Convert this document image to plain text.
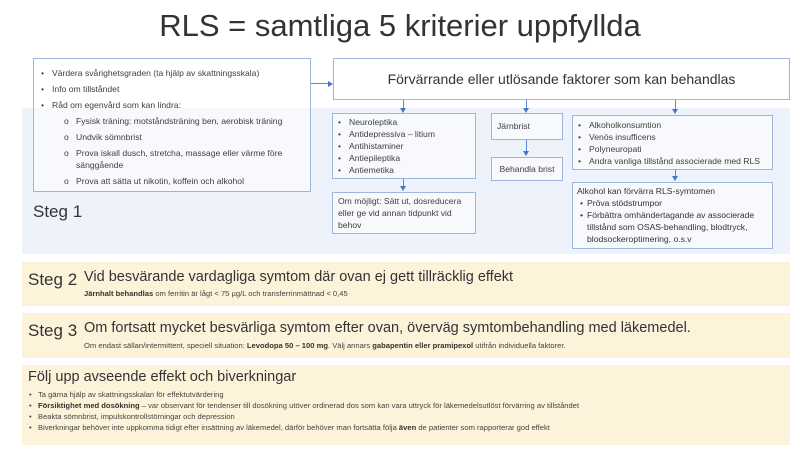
RLS = samtliga 5 kriterier uppfyllda
Steg 1
• Värdera svårighetsgraden (ta hjälp av skattningsskala)
• Info om tillståndet
• Råd om egenvård som kan lindra:
o Fysisk träning: motståndsträning ben, aerobisk träning
o Undvik sömnbrist
o Prova iskall dusch, stretcha, massage eller värme före sänggående
o Prova att sätta ut nikotin, koffein och alkohol
Förvärrande eller utlösande faktorer som kan behandlas
• Neuroleptika
• Antidepressiva – litium
• Antihistaminer
• Antiepileptika
• Antiemetika
Om möjligt: Sätt ut, dosreducera eller ge vid annan tidpunkt vid behov
Järnbrist
Behandla brist
• Alkoholkonsumtion
• Venös insufficens
• Polyneuropati
• Andra vanliga tillstånd associerade med RLS
Alkohol kan förvärra RLS-symtomen
• Pröva stödstrumpor
• Förbättra omhändertagande av associerade tillstånd som OSAS-behandling, blodtryck, blodsockeroptimering, o.s.v
Steg 2 Vid besvärande vardagliga symtom där ovan ej gett tillräcklig effekt
Järnhalt behandlas om ferritin är lågt < 75 µg/L och transferrinmättnad < 0,45
Steg 3 Om fortsatt mycket besvärliga symtom efter ovan, överväg symtombehandling med läkemedel.
Om endast sällan/intermittent, speciell situation: Levodopa 50 – 100 mg. Välj annars gabapentin eller pramipexol utifrån individuella faktorer.
Följ upp avseende effekt och biverkningar
• Ta gärna hjälp av skattningsskalan för effektutvärdering
• Försiktighet med dosökning – var observant för tendenser till dosökning utöver ordinerad dos som kan vara uttryck för läkemedelsutlöst förvärring av tillståndet
• Beakta sömnbrist, impulskontrollstörningar och depression
• Biverkningar behöver inte uppkomma tidigt efter insättning av läkemedel, därför behöver man fortsätta följa även de patienter som rapporterar god effekt
